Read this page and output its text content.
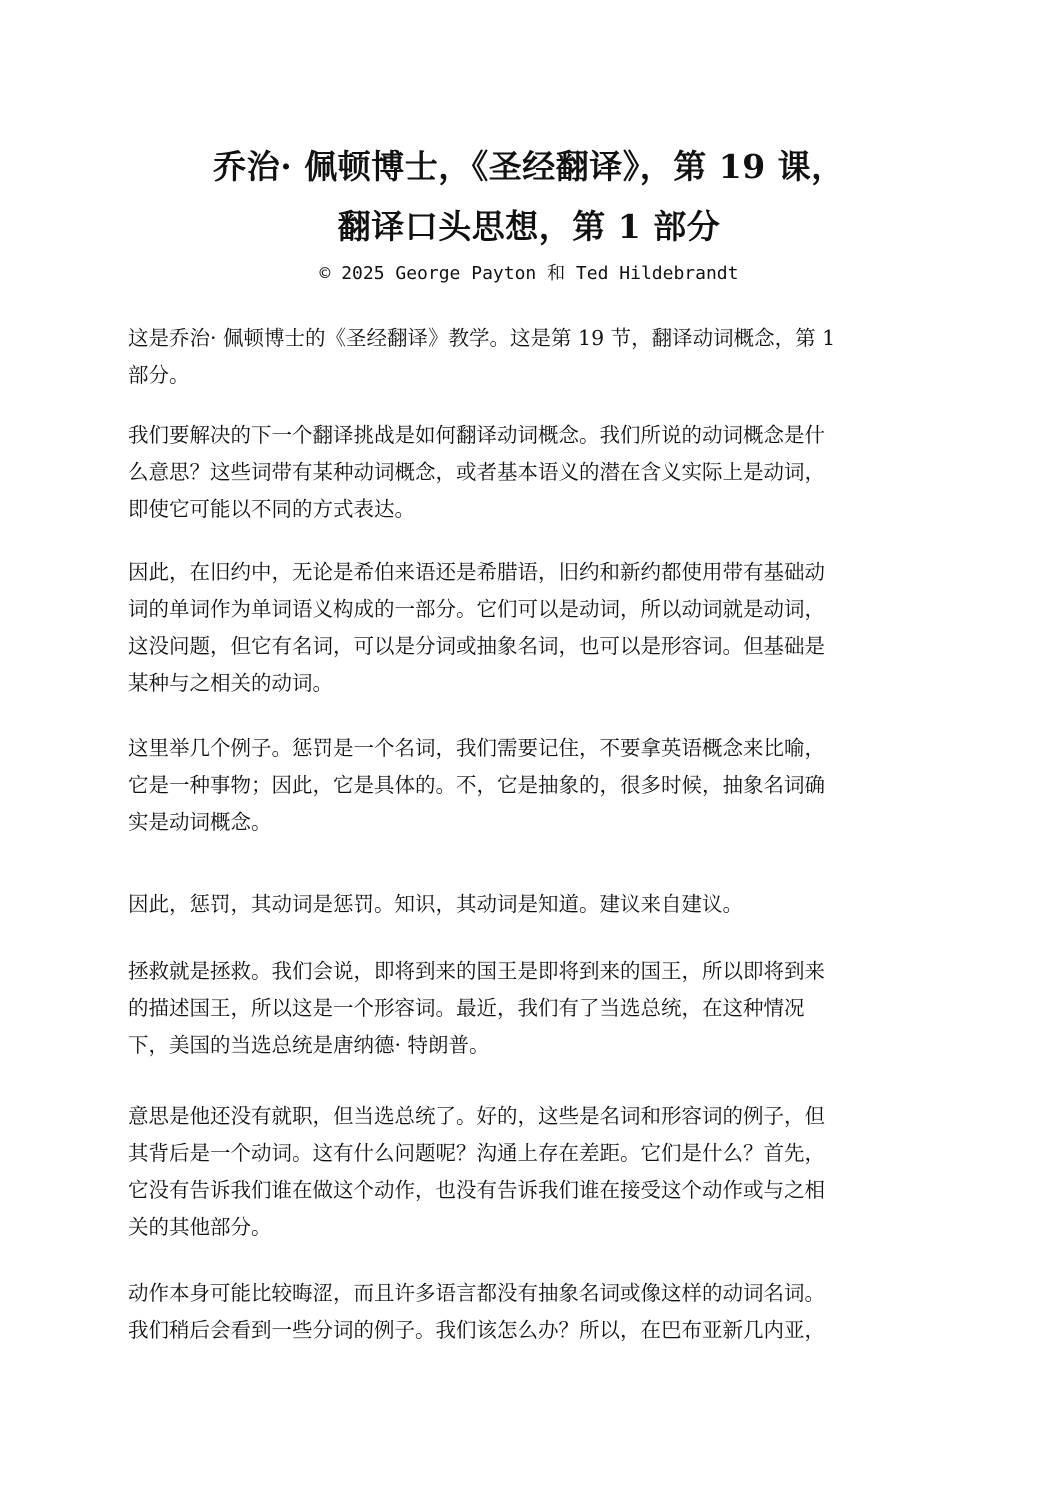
乔治· 佩顿博士，《圣经翻译》，第 19 课，
翻译口头思想，第 1 部分
© 2025 George Payton 和 Ted Hildebrandt
这是乔治· 佩顿博士的《圣经翻译》教学。这是第 19 节，翻译动词概念，第 1
部分。
我们要解决的下一个翻译挑战是如何翻译动词概念。我们所说的动词概念是什
么意思？这些词带有某种动词概念，或者基本语义的潜在含义实际上是动词，
即使它可能以不同的方式表达。
因此，在旧约中，无论是希伯来语还是希腊语，旧约和新约都使用带有基础动
词的单词作为单词语义构成的一部分。它们可以是动词，所以动词就是动词，
这没问题，但它有名词，可以是分词或抽象名词，也可以是形容词。但基础是
某种与之相关的动词。
这里举几个例子。惩罚是一个名词，我们需要记住，不要拿英语概念来比喻，
它是一种事物；因此，它是具体的。不，它是抽象的，很多时候，抽象名词确
实是动词概念。
因此，惩罚，其动词是惩罚。知识，其动词是知道。建议来自建议。
拯救就是拯救。我们会说，即将到来的国王是即将到来的国王，所以即将到来
的描述国王，所以这是一个形容词。最近，我们有了当选总统，在这种情况
下，美国的当选总统是唐纳德· 特朗普。
意思是他还没有就职，但当选总统了。好的，这些是名词和形容词的例子，但
其背后是一个动词。这有什么问题呢？沟通上存在差距。它们是什么？首先，
它没有告诉我们谁在做这个动作，也没有告诉我们谁在接受这个动作或与之相
关的其他部分。
动作本身可能比较晦涩，而且许多语言都没有抽象名词或像这样的动词名词。
我们稍后会看到一些分词的例子。我们该怎么办？所以，在巴布亚新几内亚，
